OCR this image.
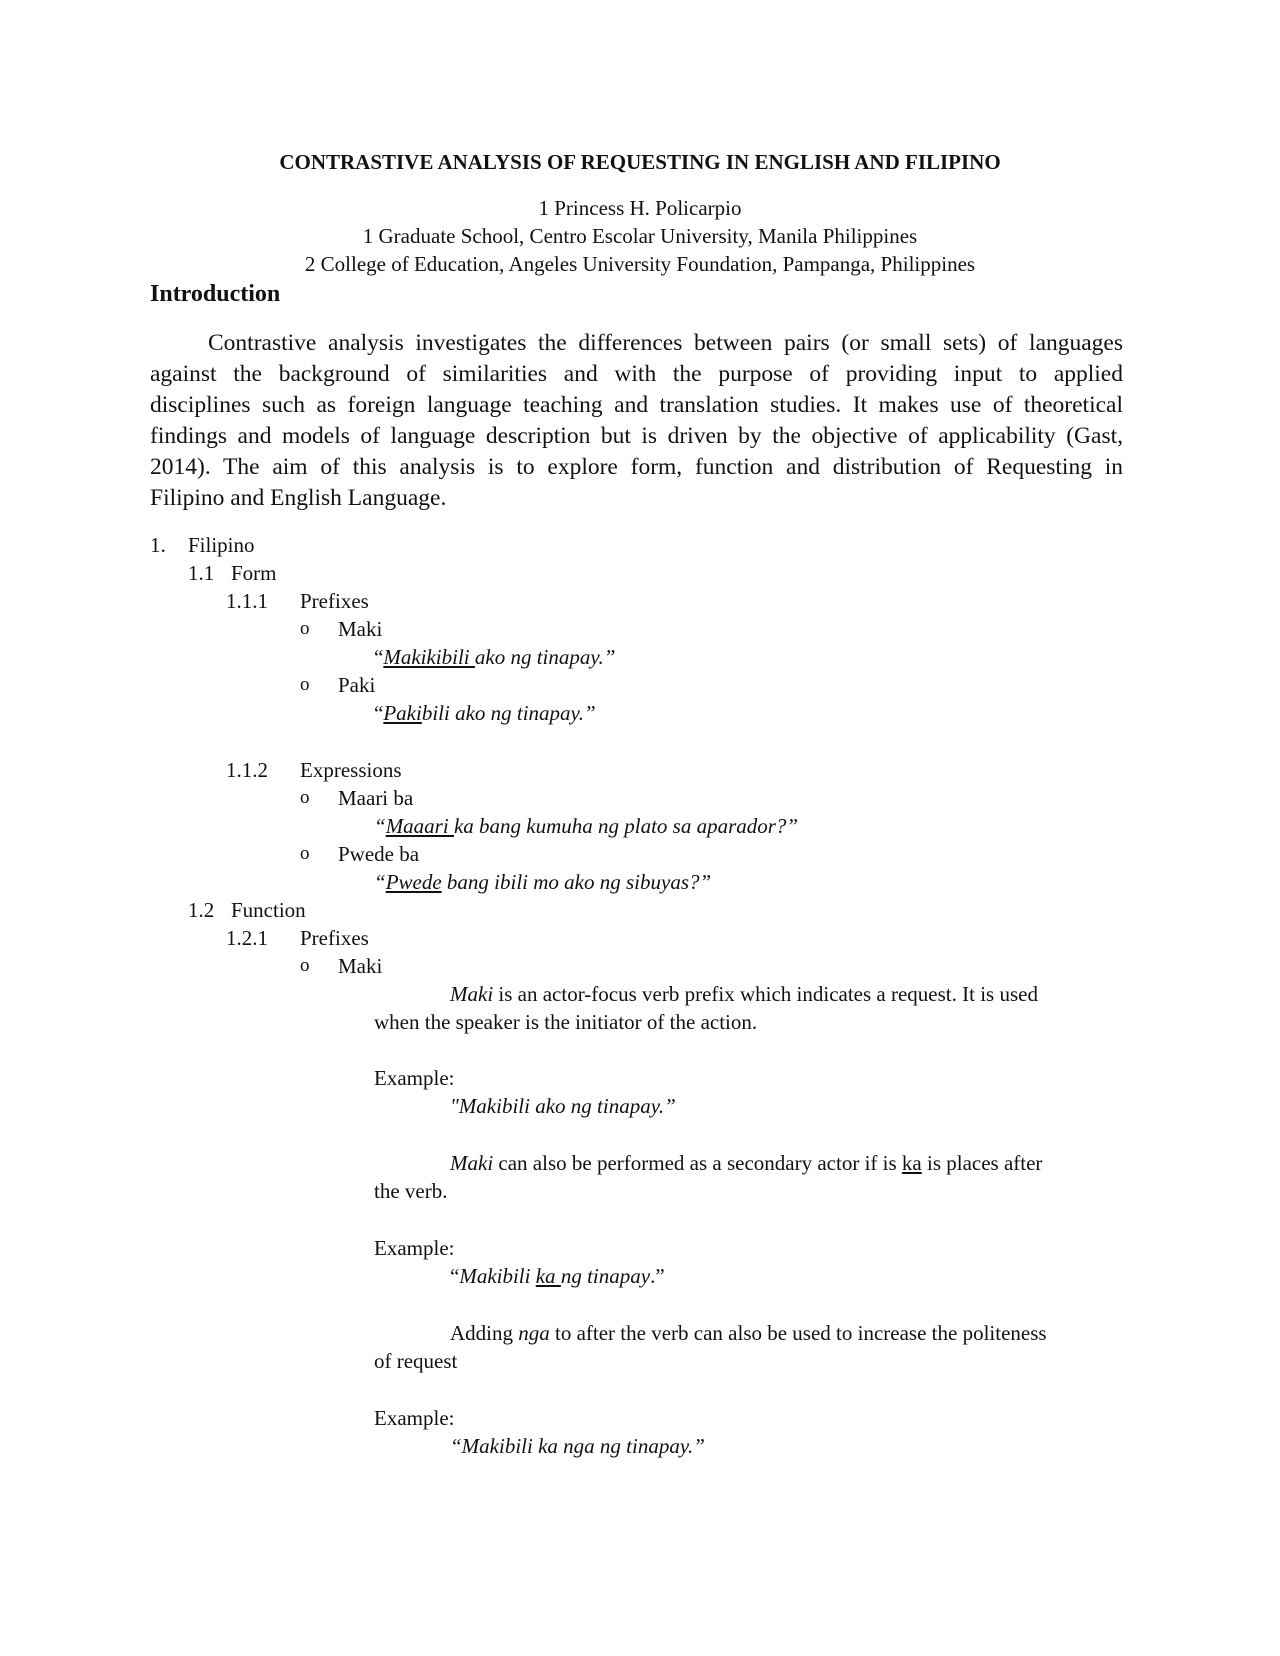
CONTRASTIVE ANALYSIS OF REQUESTING IN ENGLISH AND FILIPINO
1 Princess H. Policarpio
1 Graduate School, Centro Escolar University, Manila Philippines
2 College of Education, Angeles University Foundation, Pampanga, Philippines
Introduction
Contrastive analysis investigates the differences between pairs (or small sets) of languages
against the background of similarities and with the purpose of providing input to applied
disciplines such as foreign language teaching and translation studies. It makes use of theoretical
findings and models of language description but is driven by the objective of applicability (Gast,
2014). The aim of this analysis is to explore form, function and distribution of Requesting in
Filipino and English Language.
1. Filipino
1.1 Form
1.1.1 Prefixes
o Maki
“Makikibili ako ng tinapay.”
o Paki
“Pakibili ako ng tinapay.”
1.1.2 Expressions
o Maari ba
“Maaari ka bang kumuha ng plato sa aparador?”
o Pwede ba
“Pwede bang ibili mo ako ng sibuyas?”
1.2 Function
1.2.1 Prefixes
o Maki
Maki is an actor-focus verb prefix which indicates a request. It is used
when the speaker is the initiator of the action.
Example:
"Makibili ako ng tinapay.”
Maki can also be performed as a secondary actor if is ka is places after
the verb.
Example:
“Makibili ka ng tinapay.”
Adding nga to after the verb can also be used to increase the politeness
of request
Example:
“Makibili ka nga ng tinapay.”
